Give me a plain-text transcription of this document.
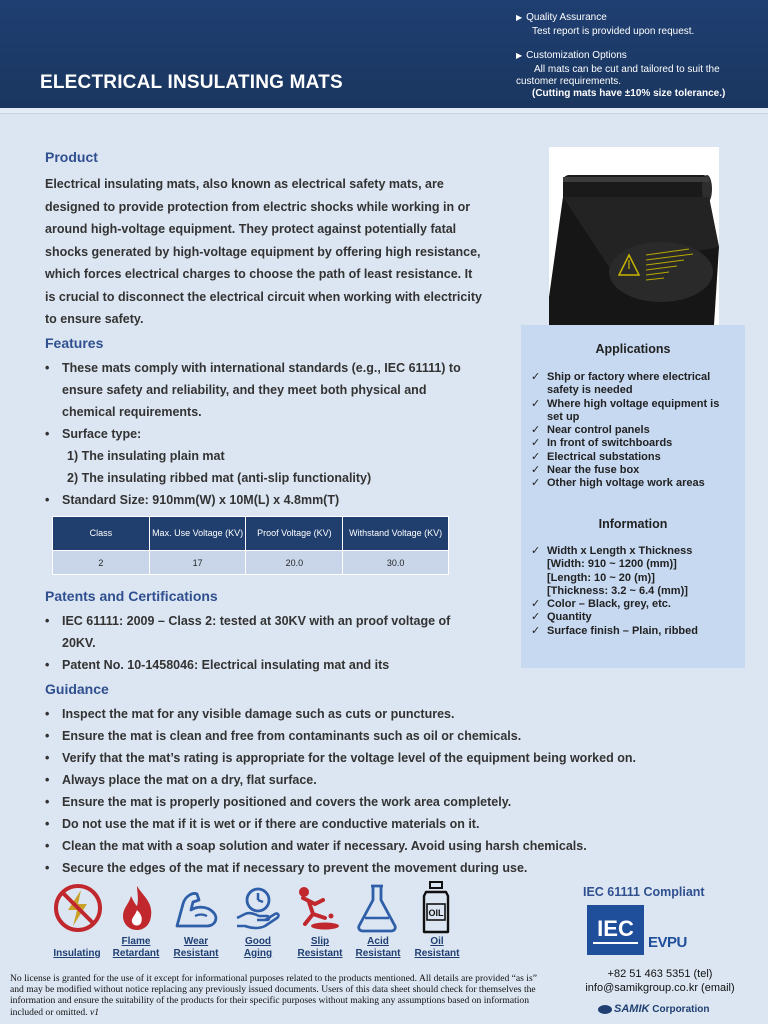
ELECTRICAL INSULATING MATS
▶ Quality Assurance
Test report is provided upon request.
▶ Customization Options
All mats can be cut and tailored to suit the
customer requirements.
(Cutting mats have ±10% size tolerance.)
Product
Electrical insulating mats, also known as electrical safety mats, are designed to provide protection from electric shocks while working in or around high-voltage equipment. They protect against potentially fatal shocks generated by high-voltage equipment by offering high resistance, which forces electrical charges to choose the path of least resistance. It is crucial to disconnect the electrical circuit when working with electricity to ensure safety.
Features
• These mats comply with international standards (e.g., IEC 61111) to ensure safety and reliability, and they meet both physical and chemical requirements.
• Surface type:
1) The insulating plain mat
2) The insulating ribbed mat (anti-slip functionality)
• Standard Size: 910mm(W) x 10M(L) x 4.8mm(T)
Class	Max. Use Voltage (KV)	Proof Voltage (KV)	Withstand Voltage (KV)
2	17	20.0	30.0
Patents and Certifications
• IEC 61111: 2009 – Class 2: tested at 30KV with an proof voltage of 20KV.
• Patent No. 10-1458046: Electrical insulating mat and its
Guidance
• Inspect the mat for any visible damage such as cuts or punctures.
• Ensure the mat is clean and free from contaminants such as oil or chemicals.
• Verify that the mat’s rating is appropriate for the voltage level of the equipment being worked on.
• Always place the mat on a dry, flat surface.
• Ensure the mat is properly positioned and covers the work area completely.
• Do not use the mat if it is wet or if there are conductive materials on it.
• Clean the mat with a soap solution and water if necessary. Avoid using harsh chemicals.
• Secure the edges of the mat if necessary to prevent the movement during use.
Applications
✓ Ship or factory where electrical
safety is needed
✓ Where high voltage equipment is
set up
✓ Near control panels
✓ In front of switchboards
✓ Electrical substations
✓ Near the fuse box
✓ Other high voltage work areas
Information
✓ Width x Length x Thickness
[Width: 910 ~ 1200 (mm)]
[Length: 10 ~ 20 (m)]
[Thickness: 3.2 ~ 6.4 (mm)]
✓ Color – Black, grey, etc.
✓ Quantity
✓ Surface finish – Plain, ribbed
OIL

Insulating
Flame
Retardant
Wear
Resistant
Good
Aging
Slip
Resistant
Acid
Resistant
Oil
Resistant
IEC 61111 Compliant
IEC
EVPU
+82 51 463 5351 (tel)
info@samikgroup.co.kr (email)
SAMIK Corporation
No license is granted for the use of it except for informational purposes related to the products mentioned. All details are provided “as is” and may be modified without notice replacing any previously issued documents. Users of this data sheet should check for themselves the information and ensure the suitability of the products for their specific purposes without making any assumptions based on information included or omitted. v1
